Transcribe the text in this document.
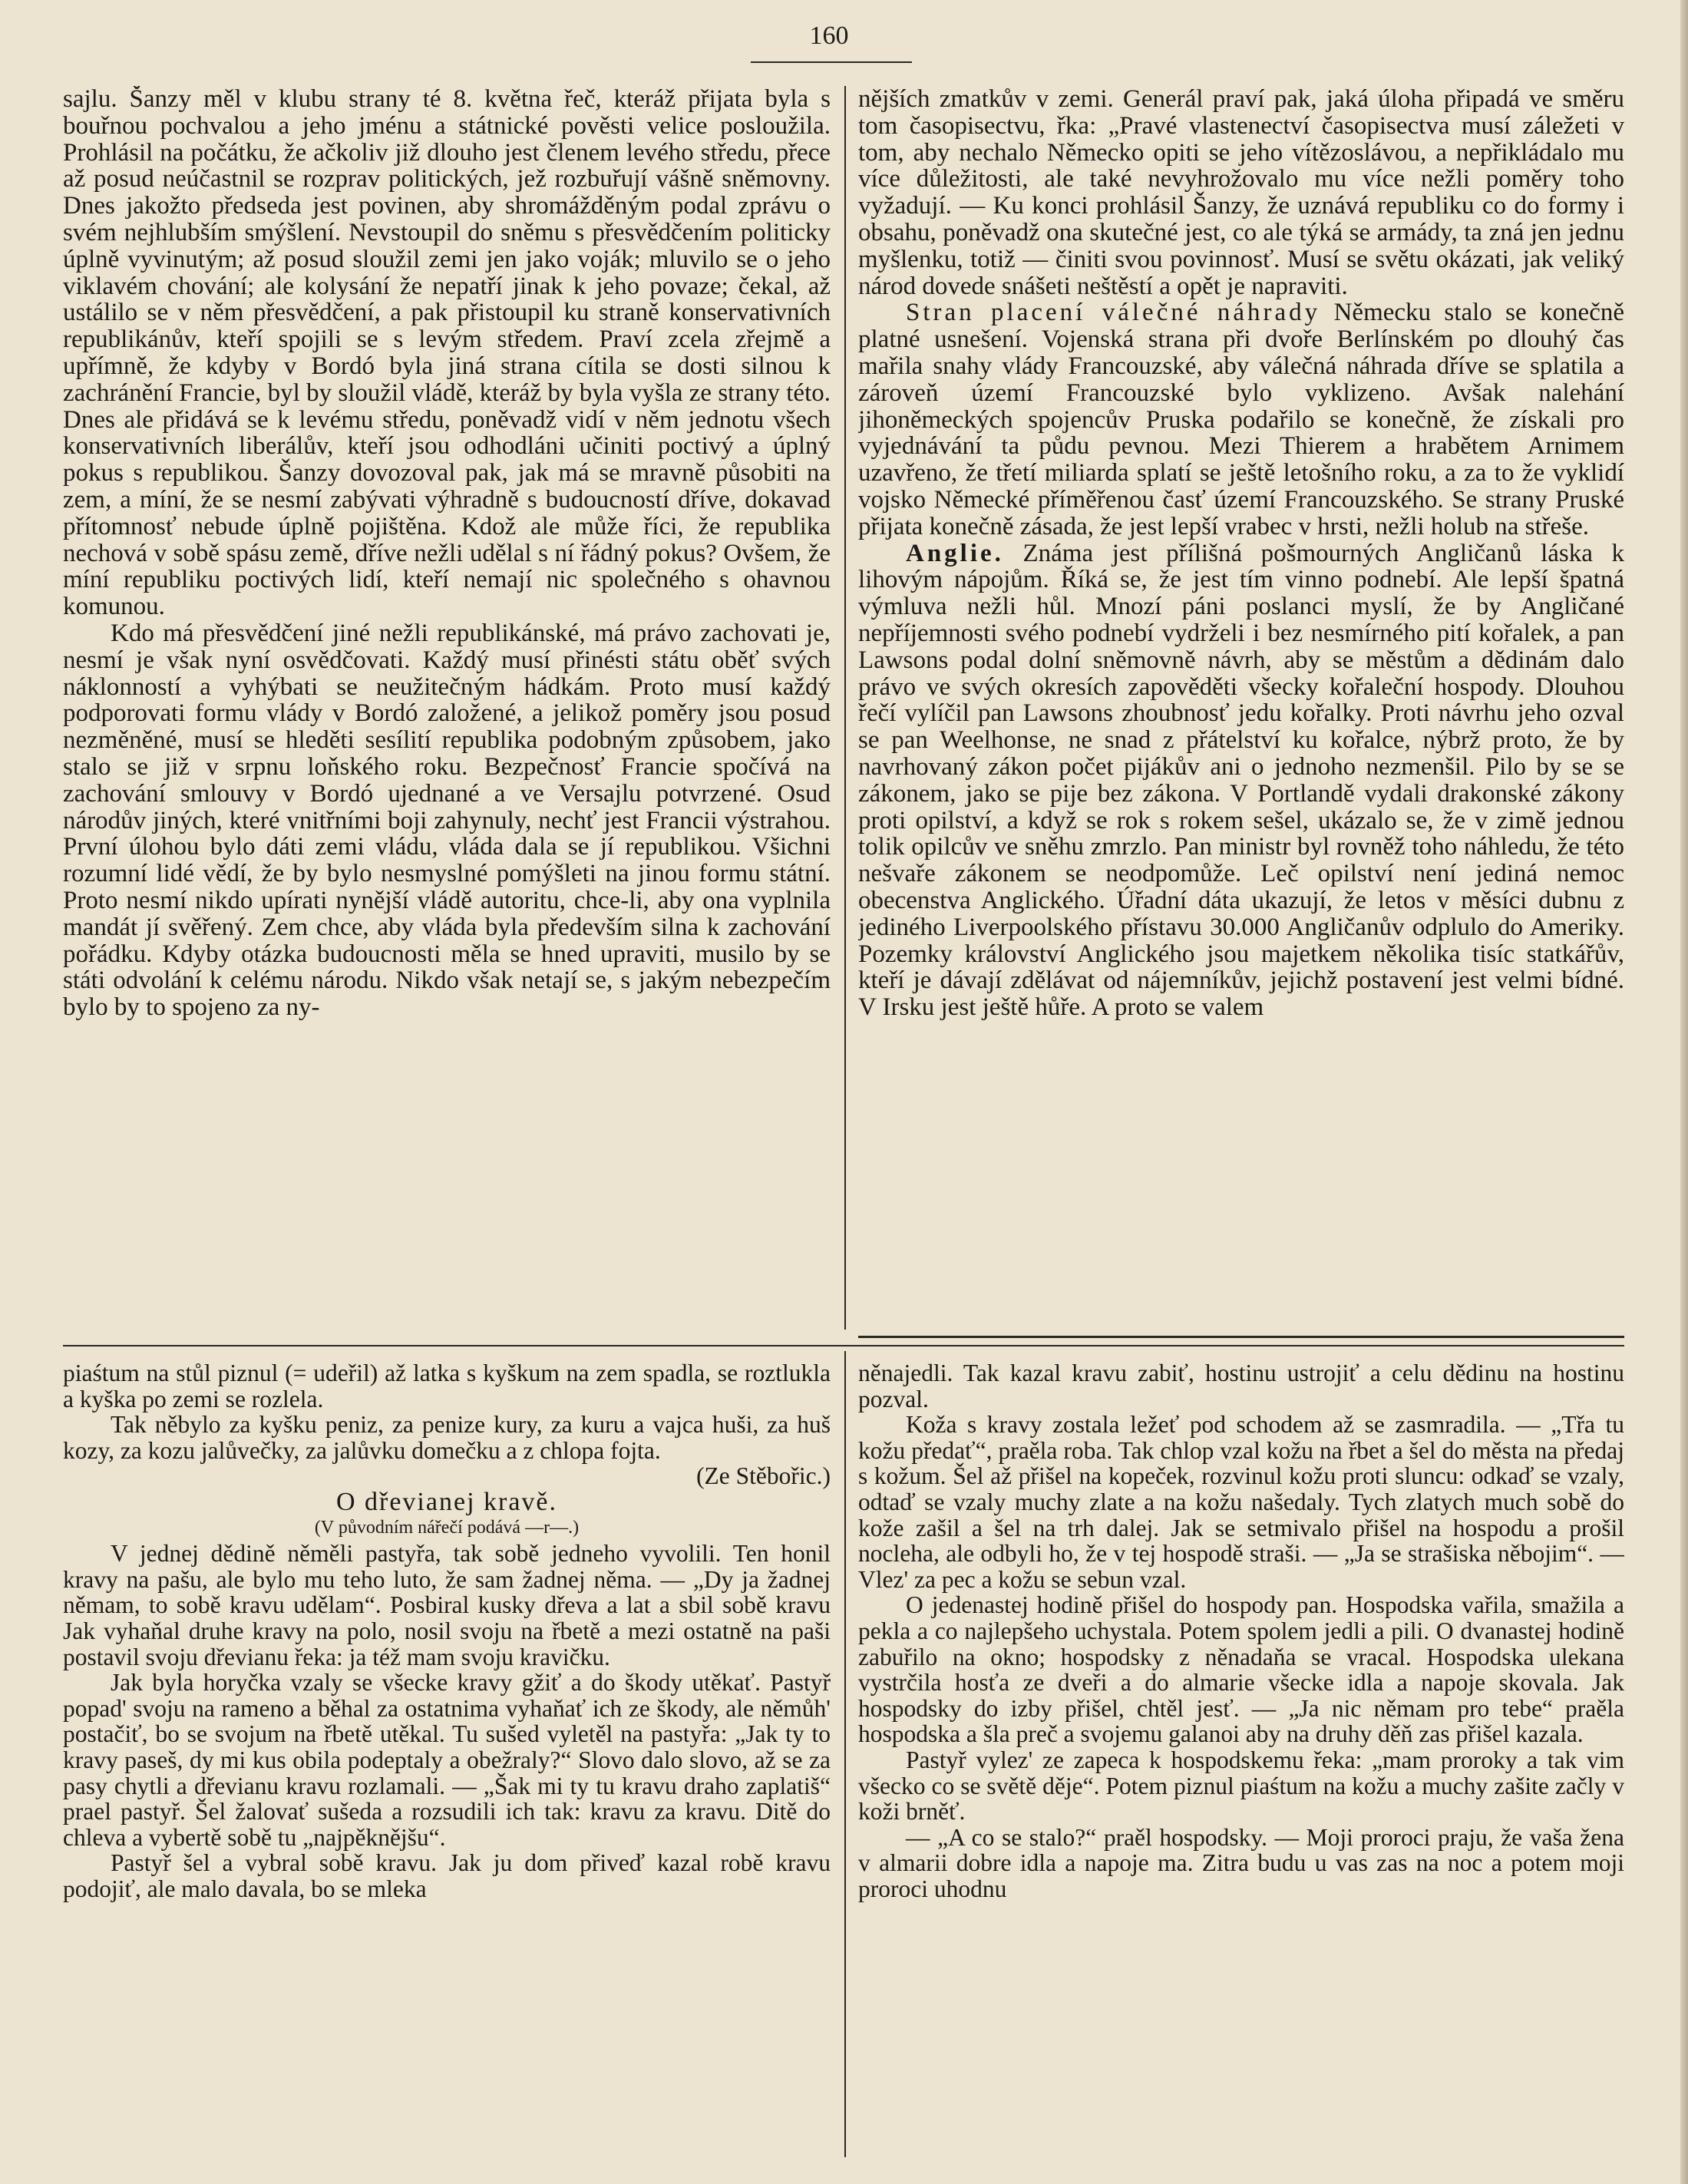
160

sajlu. Šanzy měl v klubu strany té 8. května řeč, kteráž přijata byla s bouřnou pochvalou a jeho jménu a státnické pověsti velice posloužila. Prohlásil na počátku, že ačkoliv již dlouho jest členem levého středu, přece až posud neúčastnil se rozprav politických, jež rozbuřují vášně sněmovny. Dnes jakožto předseda jest povinen, aby shromážděným podal zprávu o svém nejhlubším smýšlení. Nevstoupil do sněmu s přesvědčením politicky úplně vyvinutým; až posud sloužil zemi jen jako voják; mluvilo se o jeho viklavém chování; ale kolysání že nepatří jinak k jeho povaze; čekal, až ustálilo se v něm přesvědčení, a pak přistoupil ku straně konservativních republikánův, kteří spojili se s levým středem. Praví zcela zřejmě a upřímně, že kdyby v Bordó byla jiná strana cítila se dosti silnou k zachránění Francie, byl by sloužil vládě, kteráž by byla vyšla ze strany této. Dnes ale přidává se k levému středu, poněvadž vidí v něm jednotu všech konservativních liberálův, kteří jsou odhodláni učiniti poctivý a úplný pokus s republikou. Šanzy dovozoval pak, jak má se mravně působiti na zem, a míní, že se nesmí zabývati výhradně s budoucností dříve, dokavad přítomnosť nebude úplně pojištěna. Kdož ale může říci, že republika nechová v sobě spásu země, dříve nežli udělal s ní řádný pokus? Ovšem, že míní republiku poctivých lidí, kteří nemají nic společného s ohavnou komunou.

Kdo má přesvědčení jiné nežli republikánské, má právo zachovati je, nesmí je však nyní osvědčovati. Každý musí přinésti státu oběť svých náklonností a vyhýbati se neužitečným hádkám. Proto musí každý podporovati formu vlády v Bordó založené, a jelikož poměry jsou posud nezměněné, musí se hleděti sesílití republika podobným způsobem, jako stalo se již v srpnu loňského roku. Bezpečnosť Francie spočívá na zachování smlouvy v Bordó ujednané a ve Versajlu potvrzené. Osud národův jiných, které vnitřními boji zahynuly, nechť jest Francii výstrahou. První úlohou bylo dáti zemi vládu, vláda dala se jí republikou. Všichni rozumní lidé vědí, že by bylo nesmyslné pomýšleti na jinou formu státní. Proto nesmí nikdo upírati nynější vládě autoritu, chce-li, aby ona vyplnila mandát jí svěřený. Zem chce, aby vláda byla především silna k zachování pořádku. Kdyby otázka budoucnosti měla se hned upraviti, musilo by se státi odvolání k celému národu. Nikdo však netají se, s jakým nebezpečím bylo by to spojeno za ny-

nějších zmatkův v zemi. Generál praví pak, jaká úloha připadá ve směru tom časopisectvu, řka: „Pravé vlastenectví časopisectva musí záležeti v tom, aby nechalo Německo opiti se jeho vítězoslávou, a nepřikládalo mu více důležitosti, ale také nevyhrožovalo mu více nežli poměry toho vyžadují. — Ku konci prohlásil Šanzy, že uznává republiku co do formy i obsahu, poněvadž ona skutečné jest, co ale týká se armády, ta zná jen jednu myšlenku, totiž — činiti svou povinnosť. Musí se světu okázati, jak veliký národ dovede snášeti neštěstí a opět je napraviti.

Stran placení válečné náhrady Německu stalo se konečně platné usnešení. Vojenská strana při dvoře Berlínském po dlouhý čas mařila snahy vlády Francouzské, aby válečná náhrada dříve se splatila a zároveň území Francouzské bylo vyklizeno. Avšak nalehání jihoněmeckých spojencův Pruska podařilo se konečně, že získali pro vyjednávání ta půdu pevnou. Mezi Thierem a hrabětem Arnimem uzavřeno, že třetí miliarda splatí se ještě letošního roku, a za to že vyklidí vojsko Německé příměřenou časť území Francouzského. Se strany Pruské přijata konečně zásada, že jest lepší vrabec v hrsti, nežli holub na střeše.

Anglie. Známa jest přílišná pošmourných Angličanů láska k lihovým nápojům. Říká se, že jest tím vinno podnebí. Ale lepší špatná výmluva nežli hůl. Mnozí páni poslanci myslí, že by Angličané nepříjemnosti svého podnebí vydrželi i bez nesmírného pití kořalek, a pan Lawsons podal dolní sněmovně návrh, aby se městům a dědinám dalo právo ve svých okresích zapověděti všecky kořaleční hospody. Dlouhou řečí vylíčil pan Lawsons zhoubnosť jedu kořalky. Proti návrhu jeho ozval se pan Weelhonse, ne snad z přátelství ku kořalce, nýbrž proto, že by navrhovaný zákon počet pijákův ani o jednoho nezmenšil. Pilo by se se zákonem, jako se pije bez zákona. V Portlandě vydali drakonské zákony proti opilství, a když se rok s rokem sešel, ukázalo se, že v zimě jednou tolik opilcův ve sněhu zmrzlo. Pan ministr byl rovněž toho náhledu, že této nešvaře zákonem se neodpomůže. Leč opilství není jediná nemoc obecenstva Anglického. Úřadní dáta ukazují, že letos v měsíci dubnu z jediného Liverpoolského přístavu 30.000 Angličanův odplulo do Ameriky. Pozemky království Anglického jsou majetkem několika tisíc statkářův, kteří je dávají zdělávat od nájemníkův, jejichž postavení jest velmi bídné. V Irsku jest ještě hůře. A proto se valem

piaśtum na stůl piznul (= udeřil) až latka s kyškum na zem spadla, se roztlukla a kyška po zemi se rozlela.

Tak něbylo za kyšku peniz, za penize kury, za kuru a vajca huši, za huš kozy, za kozu jalůvečky, za jalůvku domečku a z chlopa fojta.

(Ze Stěbořic.)

O dřevianej kravě.

(V původním nářečí podává —r—.)

V jednej dědině něměli pastyřa, tak sobě jedneho vyvolili. Ten honil kravy na pašu, ale bylo mu teho luto, že sam žadnej něma. — „Dy ja žadnej němam, to sobě kravu udělam“. Posbiral kusky dřeva a lat a sbil sobě kravu Jak vyhaňal druhe kravy na polo, nosil svoju na řbetě a mezi ostatně na paši postavil svoju dřevianu řeka: ja též mam svoju kravičku.

Jak byla horyčka vzaly se všecke kravy gžiť a do škody utěkať. Pastyř popad' svoju na rameno a běhal za ostatnima vyhaňať ich ze škody, ale němůh' postačiť, bo se svojum na řbetě utěkal. Tu sušed vyletěl na pastyřa: „Jak ty to kravy paseš, dy mi kus obila podeptaly a obežraly?“ Slovo dalo slovo, až se za pasy chytli a dřevianu kravu rozlamali. — „Šak mi ty tu kravu draho zaplatiš“ prael pastyř. Šel žalovať sušeda a rozsudili ich tak: kravu za kravu. Ditě do chleva a vybertě sobě tu „najpěkněјšu“.

Pastyř šel a vybral sobě kravu. Jak ju dom přiveď kazal robě kravu podojiť, ale malo davala, bo se mleka

něnajedli. Tak kazal kravu zabiť, hostinu ustrojiť a celu dědinu na hostinu pozval.

Koža s kravy zostala ležeť pod schodem až se zasmradila. — „Třa tu kožu předať“, praěla roba. Tak chlop vzal kožu na řbet a šel do města na předaj s kožum. Šel až přišel na kopeček, rozvinul kožu proti sluncu: odkaď se vzaly, odtaď se vzaly muchy zlate a na kožu našedaly. Tych zlatych much sobě do kože zašil a šel na trh dalej. Jak se setmivalo přišel na hospodu a prošil nocleha, ale odbyli ho, že v tej hospodě straši. — „Ja se strašiska něbojim“. — Vlez' za pec a kožu se sebun vzal.

O jedenastej hodině přišel do hospody pan. Hospodska vařila, smažila a pekla a co najlepšeho uchystala. Potem spolem jedli a pili. O dvanastej hodině zabuřilo na okno; hospodsky z něnadaňa se vracal. Hospodska ulekana vystrčila hosťa ze dveři a do almarie všecke idla a napoje skovala. Jak hospodsky do izby přišel, chtěl jesť. — „Ja nic němam pro tebe“ praěla hospodska a šla preč a svojemu galanoi aby na druhy děň zas přišel kazala.

Pastyř vylez' ze zapeca k hospodskemu řeka: „mam proroky a tak vim všecko co se světě děje“. Potem piznul piaśtum na kožu a muchy zašite začly v koži brněť.

— „A co se stalo?“ praěl hospodsky. — Moji proroci praju, že vaša žena v almarii dobre idla a napoje ma. Zitra budu u vas zas na noc a potem moji proroci uhodnu
